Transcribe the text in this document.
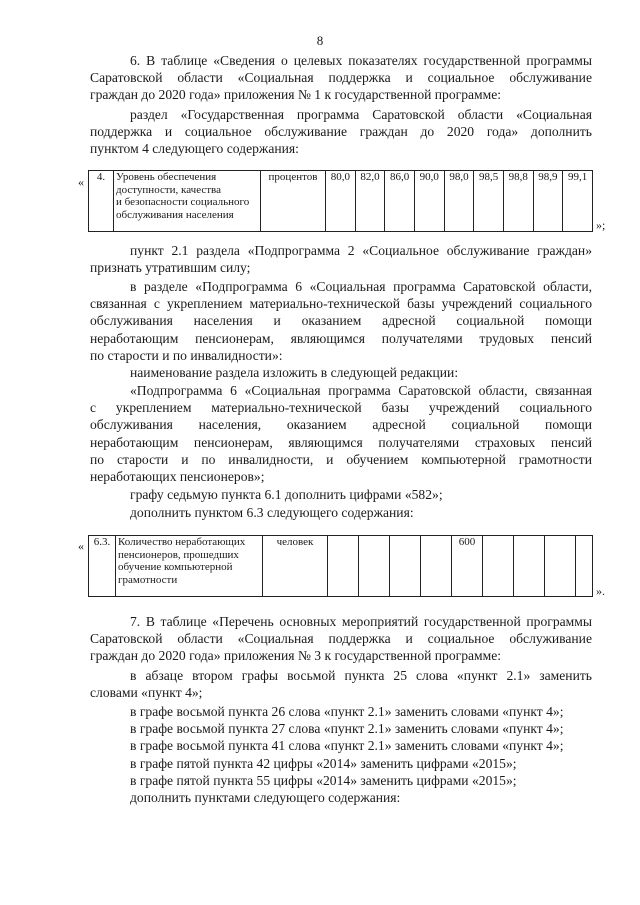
8
6. В таблице «Сведения о целевых показателях государственной программы
Саратовской области «Социальная поддержка и социальное обслуживание
граждан до 2020 года» приложения № 1 к государственной программе:
раздел «Государственная программа Саратовской области «Социальная
поддержка и социальное обслуживание граждан до 2020 года» дополнить
пунктом 4 следующего содержания:
« 4.	Уровень обеспечения
доступности, качества
и безопасности социального
обслуживания населения
	процентов	80,0	82,0	86,0	90,0	98,0	98,5	98,8	98,9	99,1
»;
пункт 2.1 раздела «Подпрограмма 2 «Социальное обслуживание граждан»
признать утратившим силу;
в разделе «Подпрограмма 6 «Социальная программа Саратовской области,
связанная с укреплением материально-технической базы учреждений социального
обслуживания населения и оказанием адресной социальной помощи
неработающим пенсионерам, являющимся получателями трудовых пенсий
по старости и по инвалидности»:
наименование раздела изложить в следующей редакции:
«Подпрограмма 6 «Социальная программа Саратовской области, связанная
с укреплением материально-технической базы учреждений социального
обслуживания населения, оказанием адресной социальной помощи
неработающим пенсионерам, являющимся получателями страховых пенсий
по старости и по инвалидности, и обучением компьютерной грамотности
неработающих пенсионеров»;
графу седьмую пункта 6.1 дополнить цифрами «582»;
дополнить пунктом 6.3 следующего содержания:
« 6.3.	Количество неработающих
пенсионеров, прошедших
обучение компьютерной
грамотности
	человек					600				
».
7. В таблице «Перечень основных мероприятий государственной программы
Саратовской области «Социальная поддержка и социальное обслуживание
граждан до 2020 года» приложения № 3 к государственной программе:
в абзаце втором графы восьмой пункта 25 слова «пункт 2.1» заменить
словами «пункт 4»;
в графе восьмой пункта 26 слова «пункт 2.1» заменить словами «пункт 4»;
в графе восьмой пункта 27 слова «пункт 2.1» заменить словами «пункт 4»;
в графе восьмой пункта 41 слова «пункт 2.1» заменить словами «пункт 4»;
в графе пятой пункта 42 цифры «2014» заменить цифрами «2015»;
в графе пятой пункта 55 цифры «2014» заменить цифрами «2015»;
дополнить пунктами следующего содержания:
